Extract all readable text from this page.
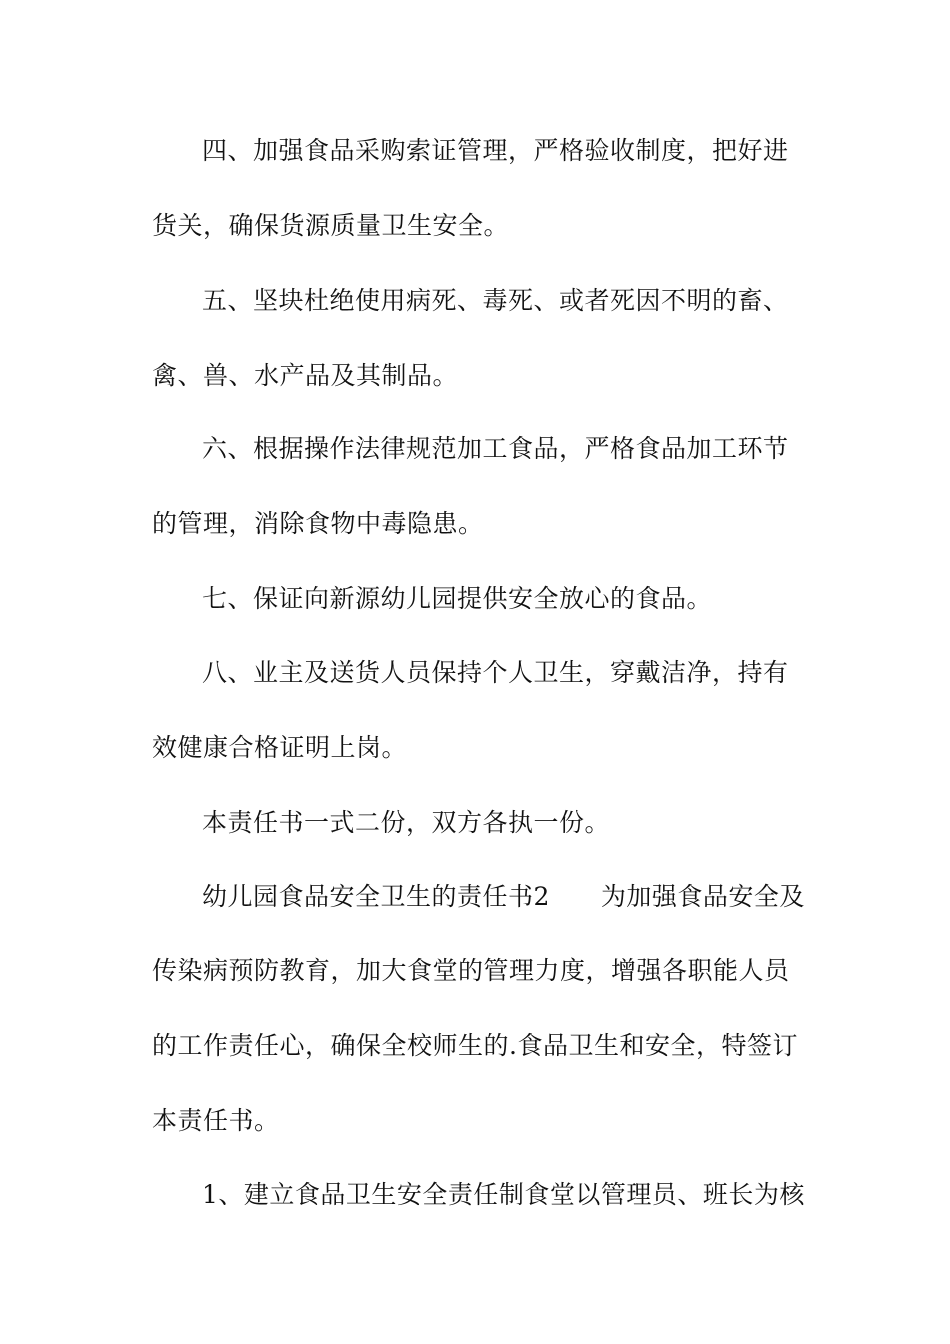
四、加强食品采购索证管理，严格验收制度，把好进
货关，确保货源质量卫生安全。
五、坚块杜绝使用病死、毒死、或者死因不明的畜、
禽、兽、水产品及其制品。
六、根据操作法律规范加工食品，严格食品加工环节
的管理，消除食物中毒隐患。
七、保证向新源幼儿园提供安全放心的食品。
八、业主及送货人员保持个人卫生，穿戴洁净，持有
效健康合格证明上岗。
本责任书一式二份，双方各执一份。
幼儿园食品安全卫生的责任书2　　为加强食品安全及
传染病预防教育，加大食堂的管理力度，增强各职能人员
的工作责任心，确保全校师生的.食品卫生和安全，特签订
本责任书。
1、建立食品卫生安全责任制食堂以管理员、班长为核
